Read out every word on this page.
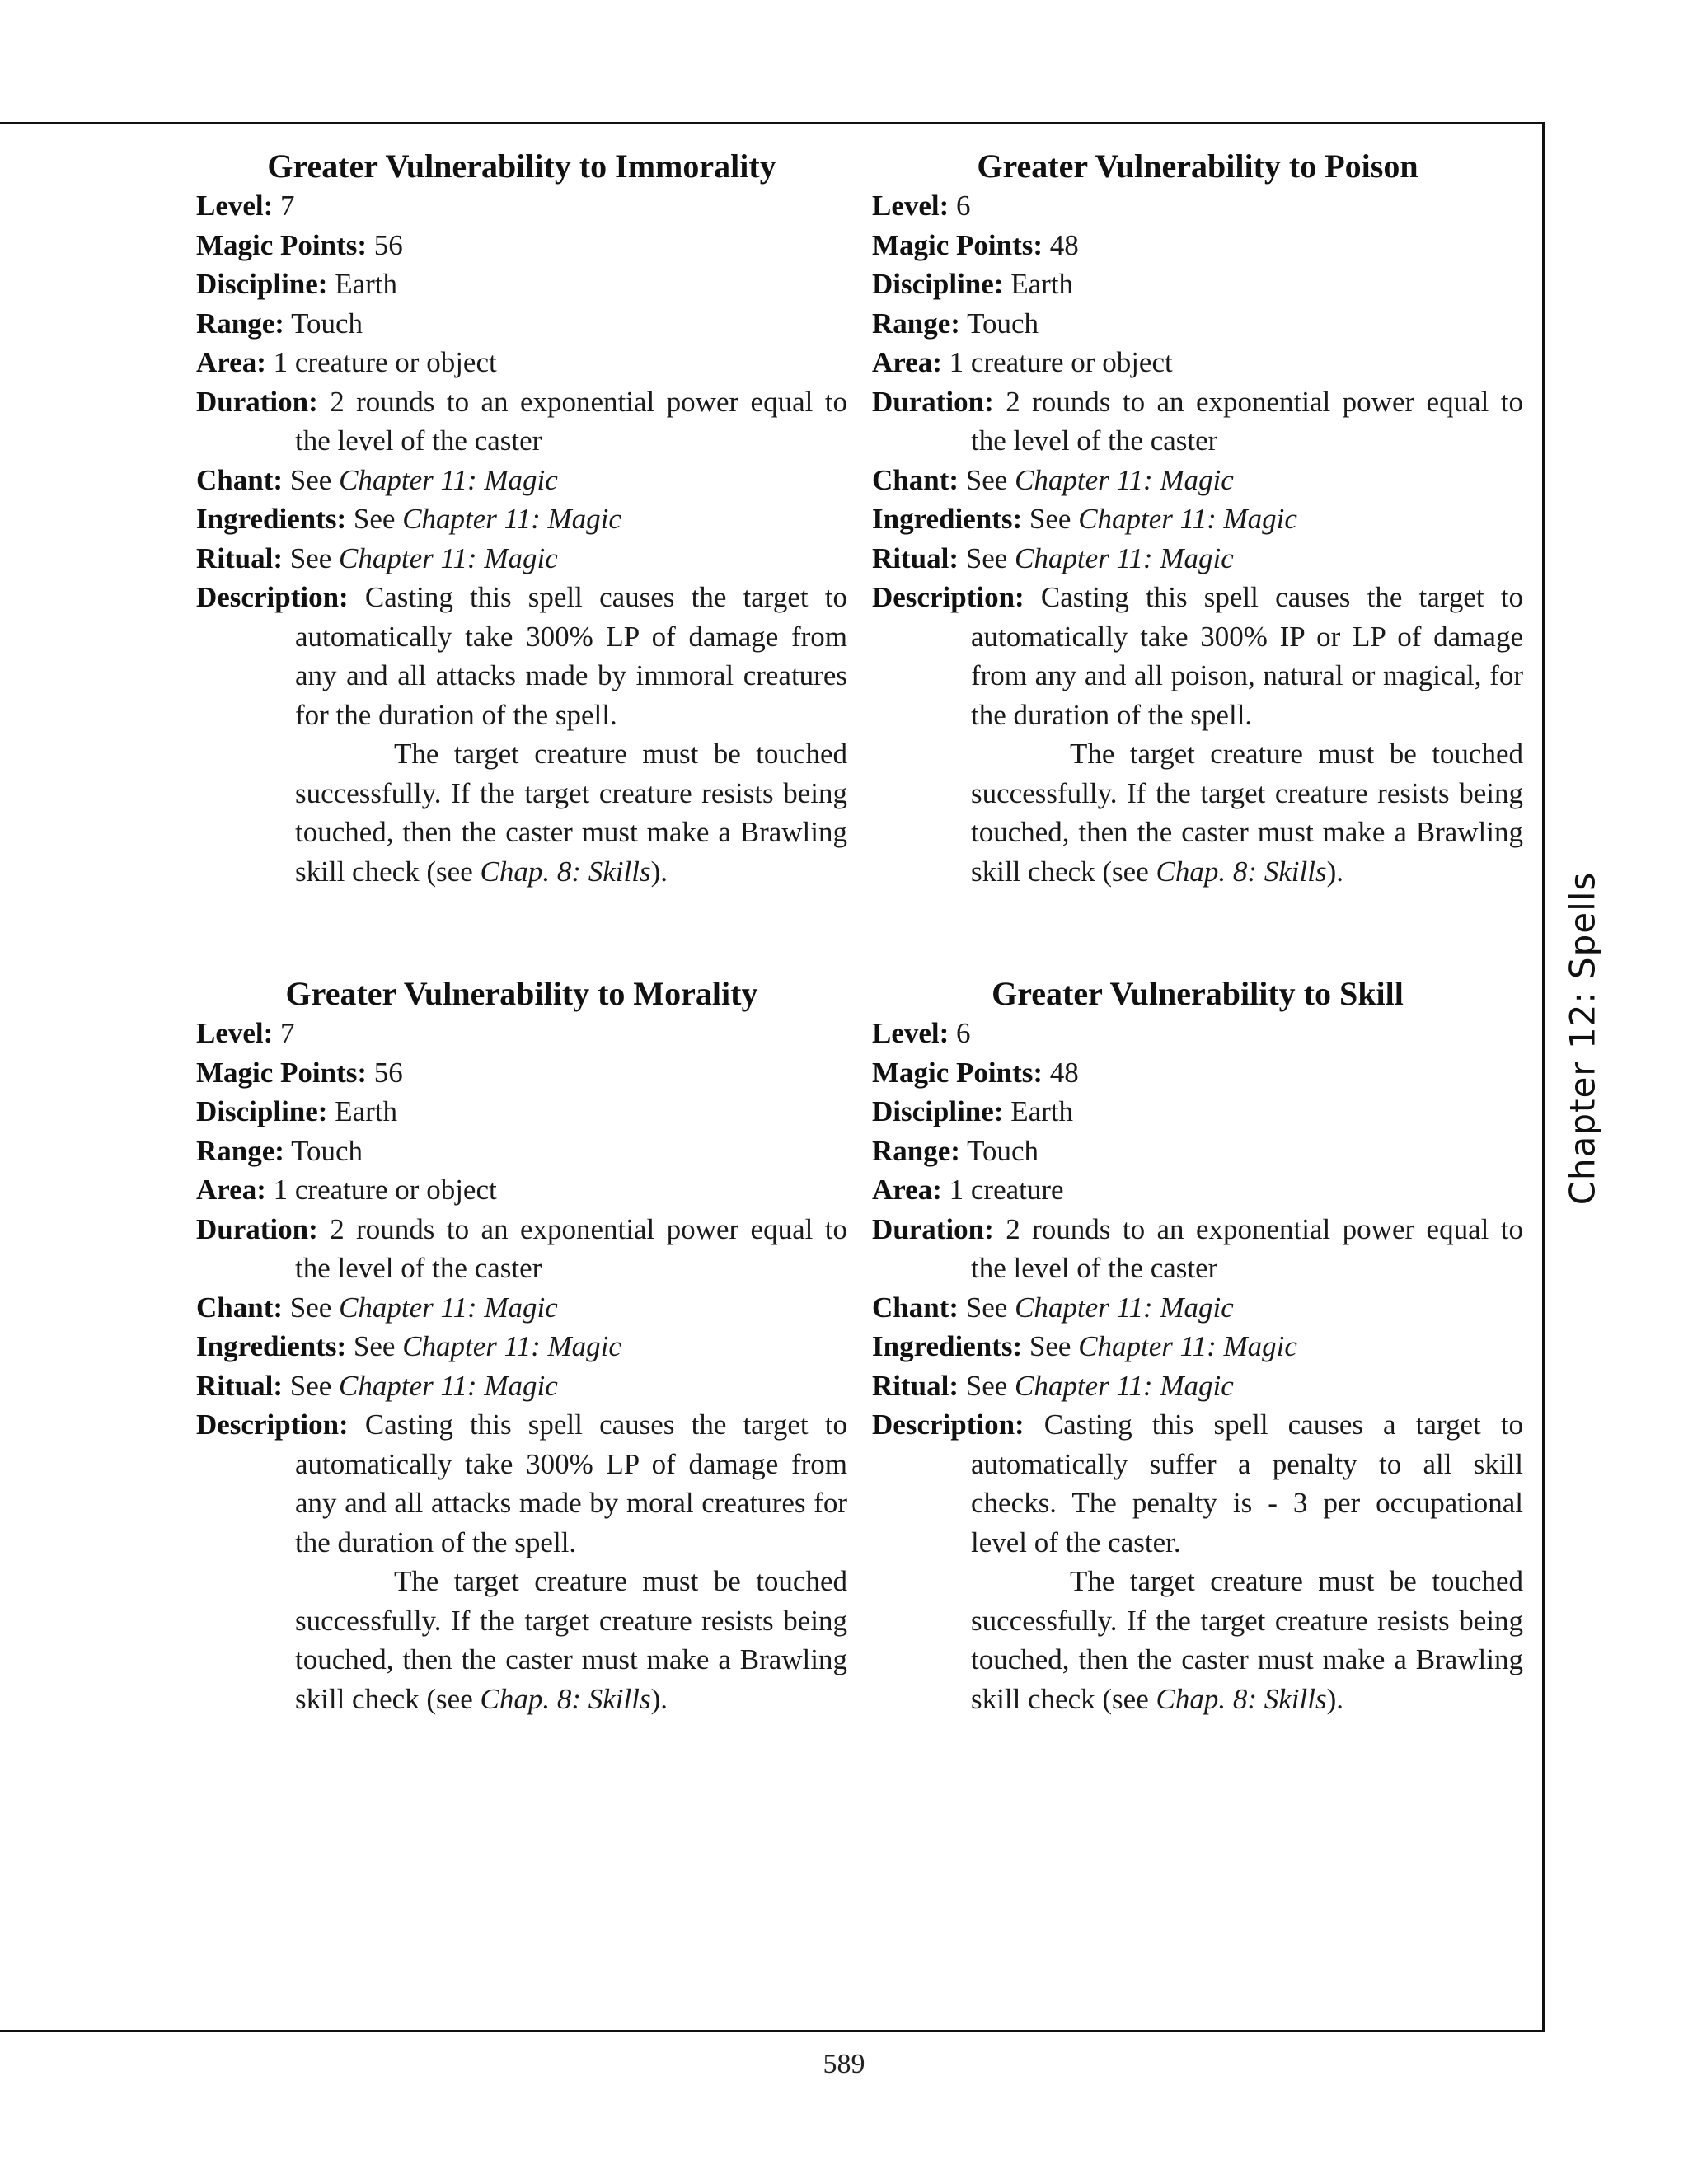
Chapter 12: Spells
Greater Vulnerability to Immorality
Level: 7
Magic Points: 56
Discipline: Earth
Range: Touch
Area: 1 creature or object
Duration: 2 rounds to an exponential power equal to the level of the caster
Chant: See Chapter 11: Magic
Ingredients: See Chapter 11: Magic
Ritual: See Chapter 11: Magic
Description: Casting this spell causes the target to automatically take 300% LP of damage from any and all attacks made by immoral creatures for the duration of the spell.
The target creature must be touched successfully. If the target creature resists being touched, then the caster must make a Brawling skill check (see Chap. 8: Skills).
Greater Vulnerability to Poison
Level: 6
Magic Points: 48
Discipline: Earth
Range: Touch
Area: 1 creature or object
Duration: 2 rounds to an exponential power equal to the level of the caster
Chant: See Chapter 11: Magic
Ingredients: See Chapter 11: Magic
Ritual: See Chapter 11: Magic
Description: Casting this spell causes the target to automatically take 300% IP or LP of damage from any and all poison, natural or magical, for the duration of the spell.
The target creature must be touched successfully. If the target creature resists being touched, then the caster must make a Brawling skill check (see Chap. 8: Skills).
Greater Vulnerability to Morality
Level: 7
Magic Points: 56
Discipline: Earth
Range: Touch
Area: 1 creature or object
Duration: 2 rounds to an exponential power equal to the level of the caster
Chant: See Chapter 11: Magic
Ingredients: See Chapter 11: Magic
Ritual: See Chapter 11: Magic
Description: Casting this spell causes the target to automatically take 300% LP of damage from any and all attacks made by moral creatures for the duration of the spell.
The target creature must be touched successfully. If the target creature resists being touched, then the caster must make a Brawling skill check (see Chap. 8: Skills).
Greater Vulnerability to Skill
Level: 6
Magic Points: 48
Discipline: Earth
Range: Touch
Area: 1 creature
Duration: 2 rounds to an exponential power equal to the level of the caster
Chant: See Chapter 11: Magic
Ingredients: See Chapter 11: Magic
Ritual: See Chapter 11: Magic
Description: Casting this spell causes a target to automatically suffer a penalty to all skill checks. The penalty is - 3 per occupational level of the caster.
The target creature must be touched successfully. If the target creature resists being touched, then the caster must make a Brawling skill check (see Chap. 8: Skills).
589
